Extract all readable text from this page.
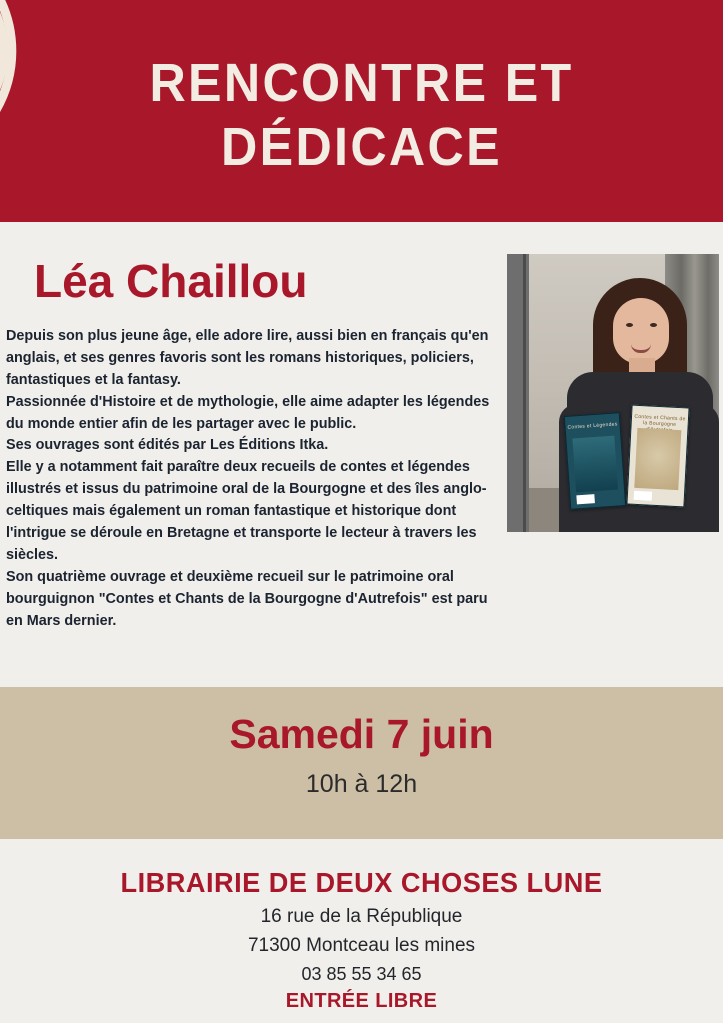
RENCONTRE ET
DÉDICACE
Léa Chaillou

Depuis son plus jeune âge, elle adore lire, aussi bien en français qu'en anglais, et ses genres favoris sont les romans historiques, policiers, fantastiques et la fantasy.

Passionnée d'Histoire et de mythologie, elle aime adapter les légendes du monde entier afin de les partager avec le public.

Ses ouvrages sont édités par Les Éditions Itka.

Elle y a notamment fait paraître deux recueils de contes et légendes illustrés et issus du patrimoine oral de la Bourgogne et des îles anglo-celtiques mais également un roman fantastique et historique dont l'intrigue se déroule en Bretagne et transporte le lecteur à travers les siècles.

Son quatrième ouvrage et deuxième recueil sur le patrimoine oral bourguignon "Contes et Chants de la Bourgogne d'Autrefois" est paru en Mars dernier.

Contes et Légendes
Contes et Chants de la Bourgogne
Samedi 7 juin
10h à 12h
LIBRAIRIE DE DEUX CHOSES LUNE
16 rue de la République
71300 Montceau les mines
03 85 55 34 65
ENTRÉE LIBRE
